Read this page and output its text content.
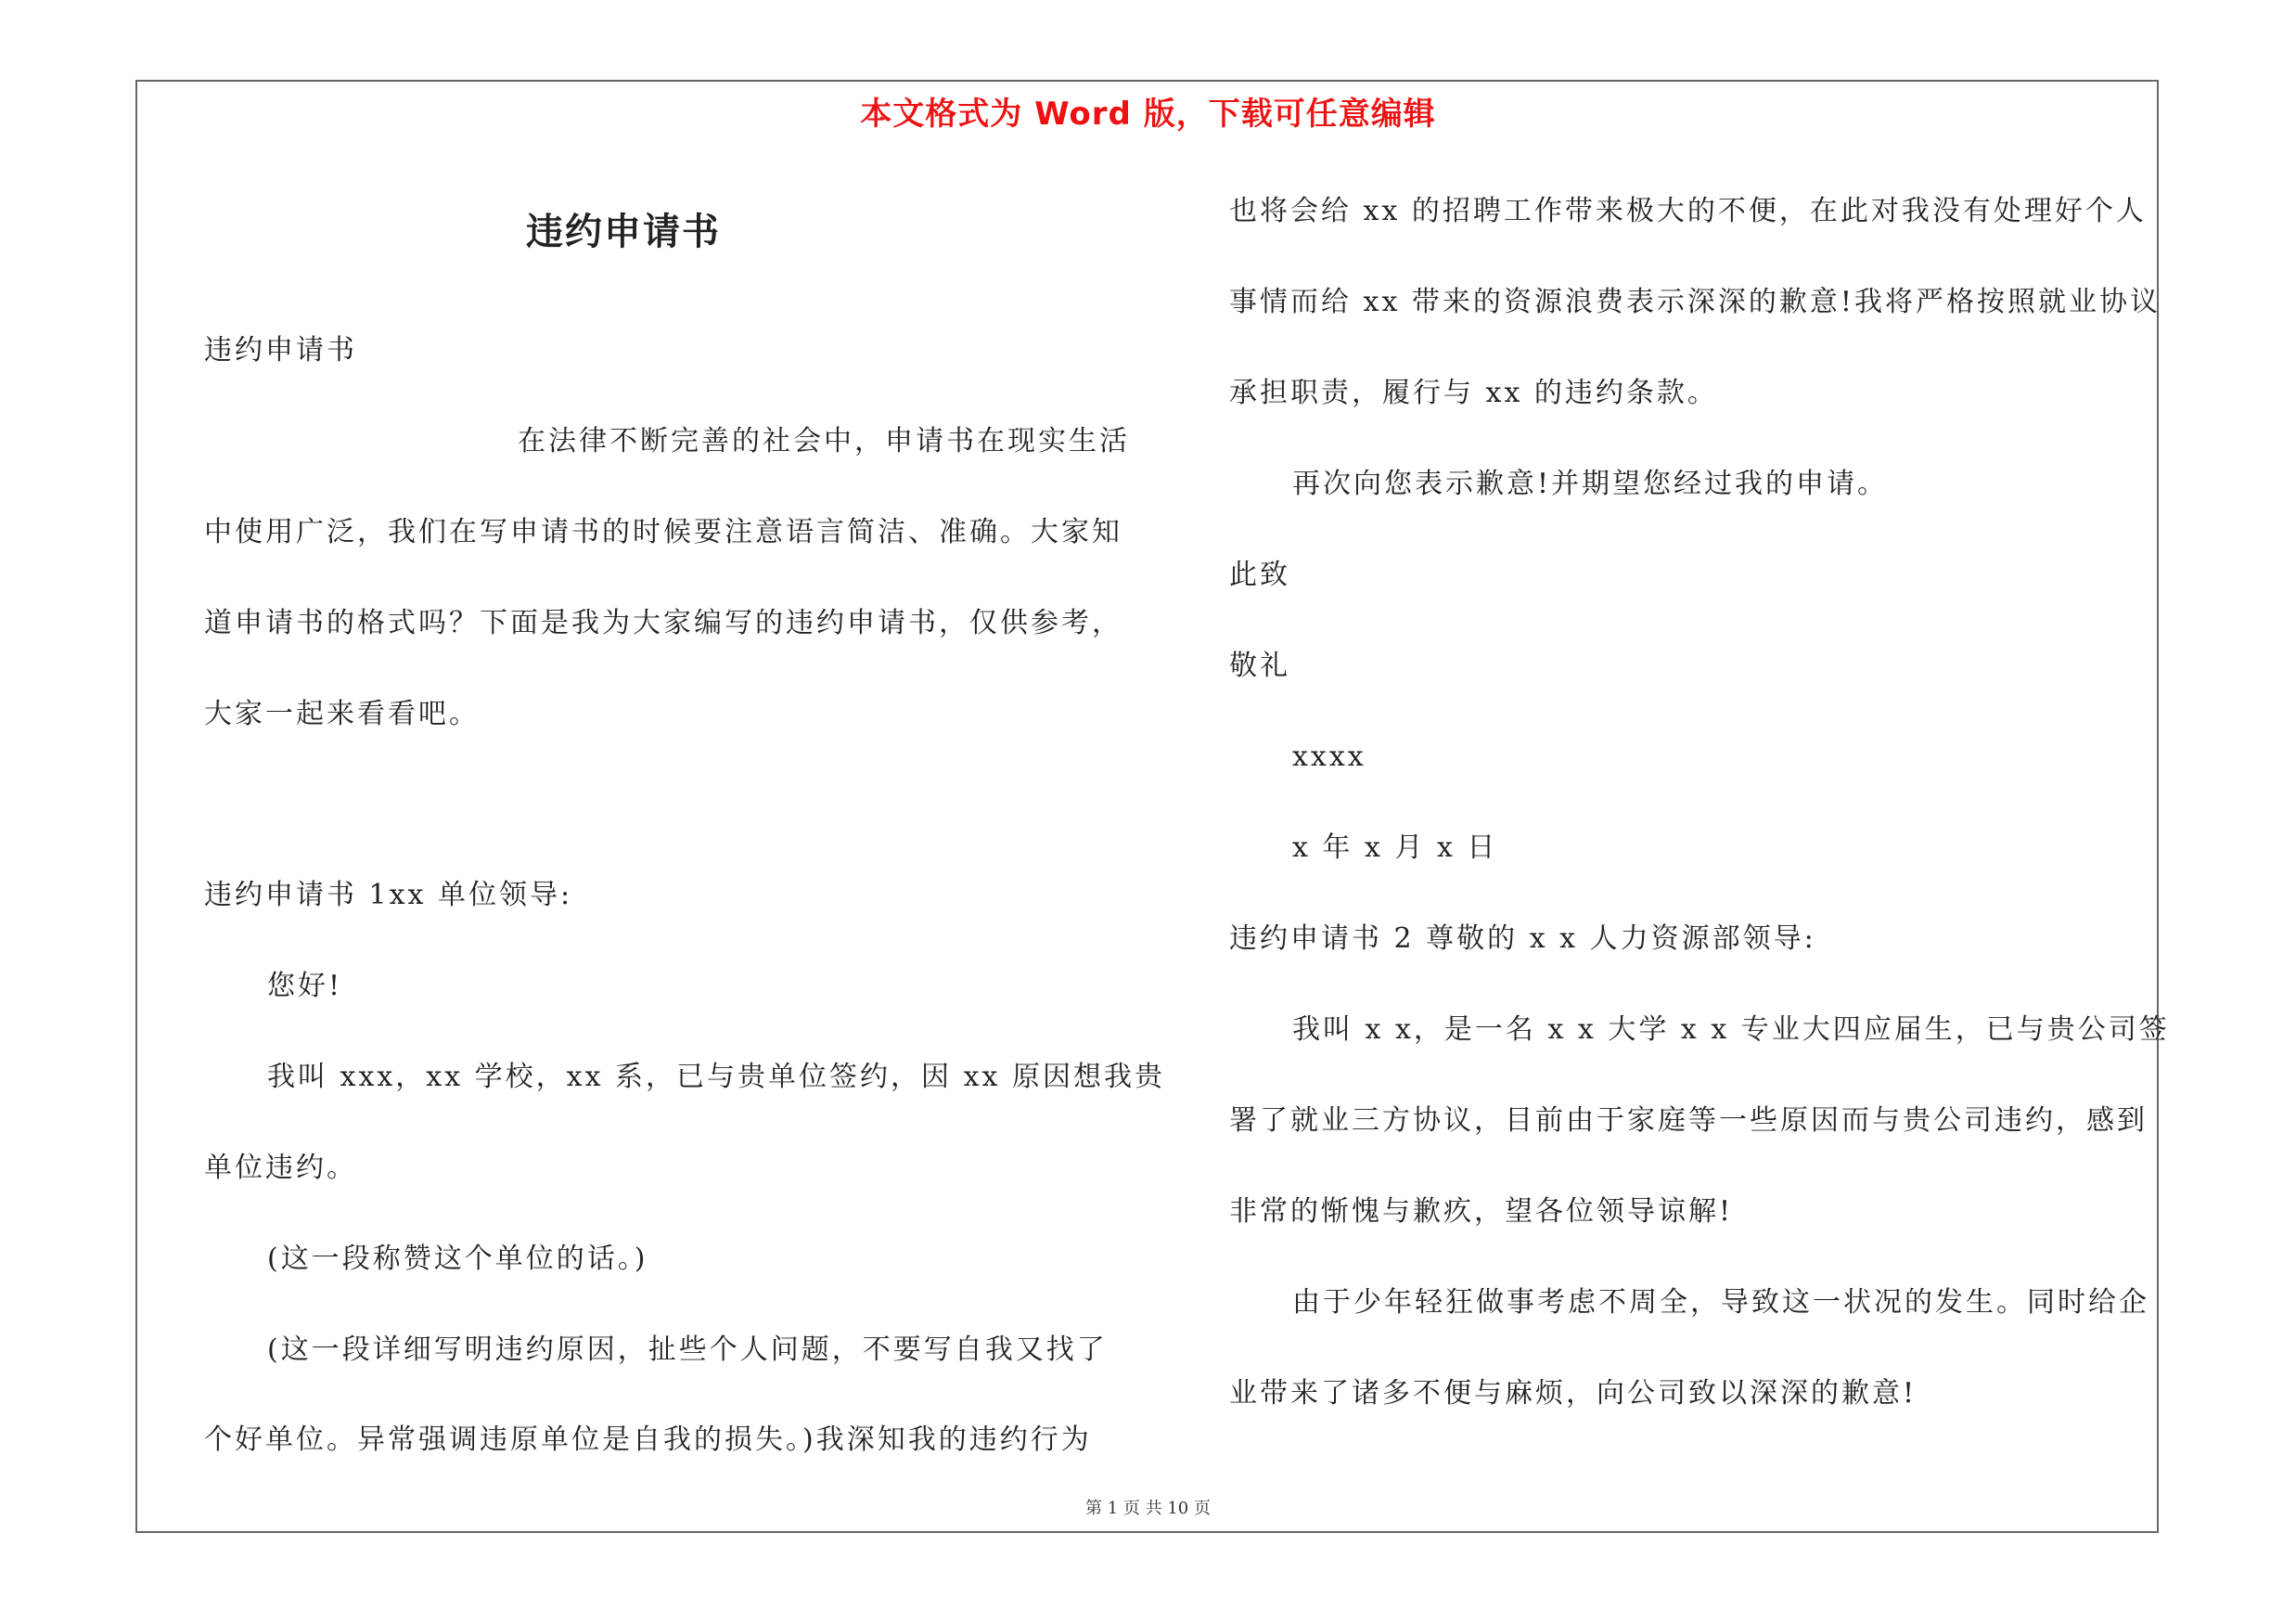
本文格式为 Word 版，下载可任意编辑
违约申请书
违约申请书
在法律不断完善的社会中，申请书在现实生活
中使用广泛，我们在写申请书的时候要注意语言简洁、准确。大家知
道申请书的格式吗？下面是我为大家编写的违约申请书，仅供参考，
大家一起来看看吧。
违约申请书 1xx 单位领导:
您好!
我叫 xxx，xx 学校，xx 系，已与贵单位签约，因 xx 原因想我贵
单位违约。
(这一段称赞这个单位的话。)
(这一段详细写明违约原因，扯些个人问题，不要写自我又找了
个好单位。异常强调违原单位是自我的损失。)我深知我的违约行为
也将会给 xx 的招聘工作带来极大的不便，在此对我没有处理好个人
事情而给 xx 带来的资源浪费表示深深的歉意!我将严格按照就业协议
承担职责，履行与 xx 的违约条款。
再次向您表示歉意!并期望您经过我的申请。
此致
敬礼
xxxx
x 年 x 月 x 日
违约申请书 2 尊敬的 x x 人力资源部领导:
我叫 x x，是一名 x x 大学 x x 专业大四应届生，已与贵公司签
署了就业三方协议，目前由于家庭等一些原因而与贵公司违约，感到
非常的惭愧与歉疚，望各位领导谅解!
由于少年轻狂做事考虑不周全，导致这一状况的发生。同时给企
业带来了诸多不便与麻烦，向公司致以深深的歉意!
第 1 页 共 10 页
